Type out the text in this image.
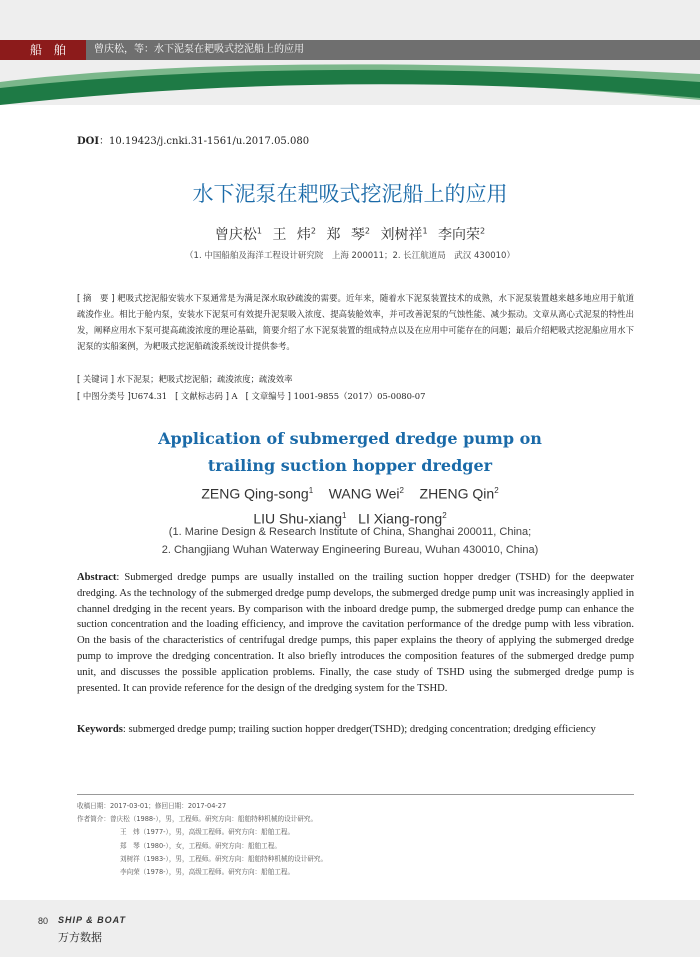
船 舶	曾庆松，等：水下泥泵在耙吸式挖泥船上的应用
DOI：10.19423/j.cnki.31-1561/u.2017.05.080
水下泥泵在耙吸式挖泥船上的应用
曾庆松$^1$ 王 炜$^2$ 郑 琴$^2$ 刘树祥$^1$ 李向荣$^2$
（1. 中国船舶及海洋工程设计研究院　上海 200011；2. 长江航道局　武汉 430010）
[ 摘　要 ] 耙吸式挖泥船安装水下泵通常是为满足深水取砂疏浚的需要。近年来，随着水下泥泵装置技术的成熟，水下泥泵装置越来越多地应用于航道疏浚作业。相比于舱内泵，安装水下泥泵可有效提升泥泵吸入浓度、提高装舱效率，并可改善泥泵的气蚀性能、减少振动。文章从离心式泥泵的特性出发，阐释应用水下泵可提高疏浚浓度的理论基础，简要介绍了水下泥泵装置的组成特点以及在应用中可能存在的问题；最后介绍耙吸式挖泥船应用水下泥泵的实船案例，为耙吸式挖泥船疏浚系统设计提供参考。
[ 关键词 ] 水下泥泵；耙吸式挖泥船；疏浚浓度；疏浚效率
[ 中图分类号 ]U674.31 [ 文献标志码 ] A [ 文章编号 ] 1001-9855（2017）05-0080-07
Application of submerged dredge pump on
trailing suction hopper dredger
ZENG Qing-song$^1$ WANG Wei$^2$ ZHENG Qin$^2$
LIU Shu-xiang$^1$ LI Xiang-rong$^2$
(1. Marine Design & Research Institute of China, Shanghai 200011, China;
2. Changjiang Wuhan Waterway Engineering Bureau, Wuhan 430010, China)
Abstract: Submerged dredge pumps are usually installed on the trailing suction hopper dredger (TSHD) for the deepwater dredging. As the technology of the submerged dredge pump develops, the submerged dredge pump unit was increasingly applied in channel dredging in the recent years. By comparison with the inboard dredge pump, the submerged dredge pump can enhance the suction concentration and the loading efficiency, and improve the cavitation performance of the dredge pump with less vibration. On the basis of the characteristics of centrifugal dredge pumps, this paper explains the theory of applying the submerged dredge pump to improve the dredging concentration. It also briefly introduces the composition features of the submerged dredge pump unit, and discusses the possible application problems. Finally, the case study of TSHD using the submerged dredge pump is presented. It can provide reference for the design of the dredging system for the TSHD.
Keywords: submerged dredge pump; trailing suction hopper dredger(TSHD); dredging concentration; dredging efficiency
收稿日期：2017-03-01；修回日期：2017-04-27
作者简介：曾庆松（1988-），男，工程师。研究方向：船舶特种机械的设计研究。
王　炜（1977-），男，高级工程师。研究方向：船舶工程。
郑　琴（1980-），女，工程师。研究方向：船舶工程。
刘树祥（1983-），男，工程师。研究方向：船舶特种机械的设计研究。
李向荣（1978-），男，高级工程师。研究方向：船舶工程。
80 SHIP & BOAT
万方数据
